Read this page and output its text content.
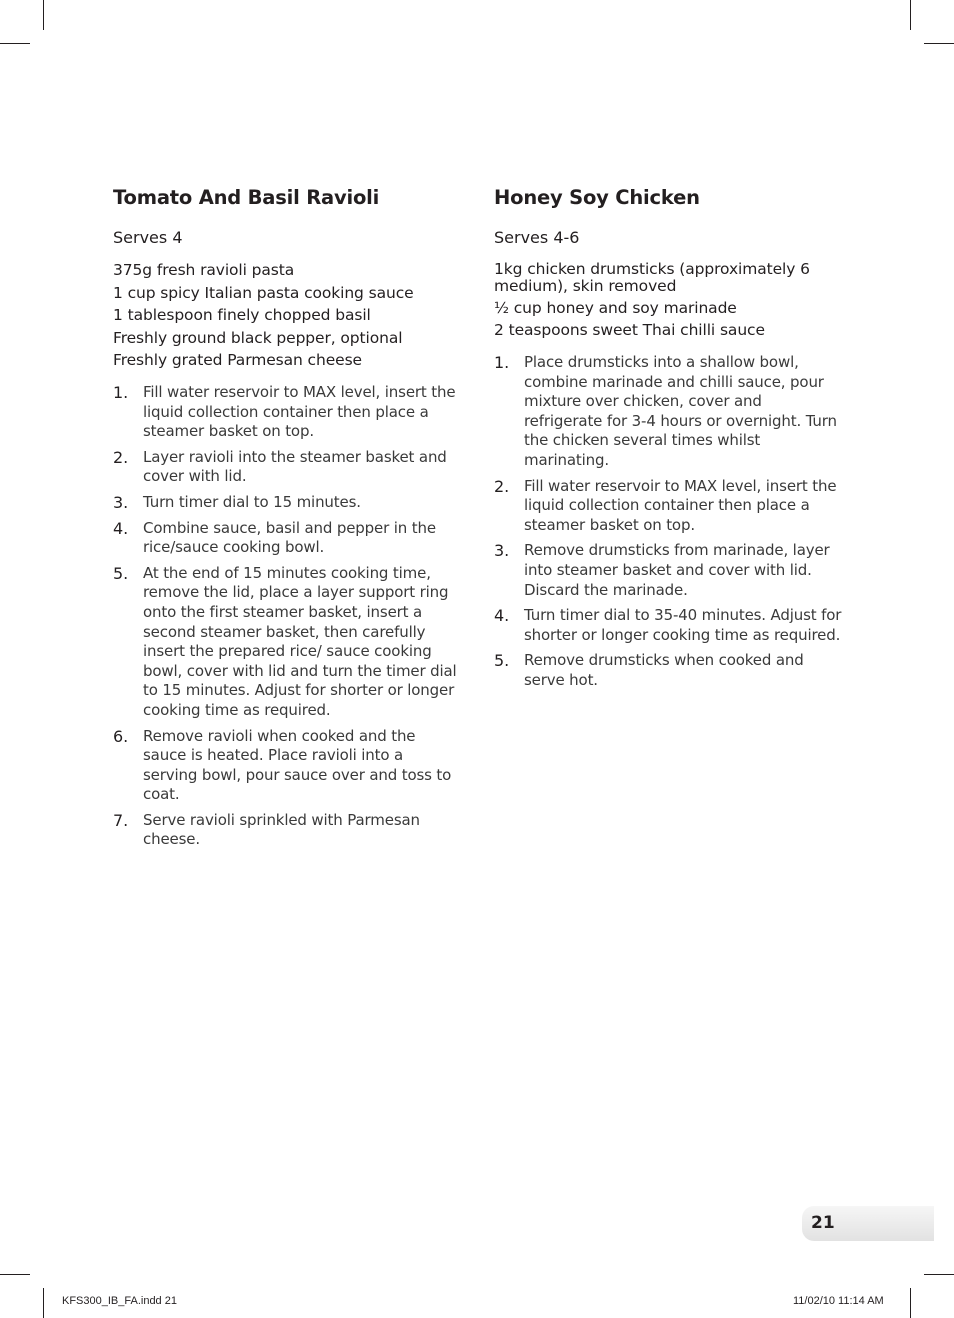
Tomato And Basil Ravioli
Serves 4
375g fresh ravioli pasta
1 cup spicy Italian pasta cooking sauce
1 tablespoon finely chopped basil
Freshly ground black pepper, optional
Freshly grated Parmesan cheese
1. Fill water reservoir to MAX level, insert the liquid collection container then place a steamer basket on top.
2. Layer ravioli into the steamer basket and cover with lid.
3. Turn timer dial to 15 minutes.
4. Combine sauce, basil and pepper in the rice/sauce cooking bowl.
5. At the end of 15 minutes cooking time, remove the lid, place a layer support ring onto the first steamer basket, insert a second steamer basket, then carefully insert the prepared rice/ sauce cooking bowl, cover with lid and turn the timer dial to 15 minutes. Adjust for shorter or longer cooking time as required.
6. Remove ravioli when cooked and the sauce is heated. Place ravioli into a serving bowl, pour sauce over and toss to coat.
7. Serve ravioli sprinkled with Parmesan cheese.
Honey Soy Chicken
Serves 4-6
1kg chicken drumsticks (approximately 6 medium), skin removed
½ cup honey and soy marinade
2 teaspoons sweet Thai chilli sauce
1. Place drumsticks into a shallow bowl, combine marinade and chilli sauce, pour mixture over chicken, cover and refrigerate for 3-4 hours or overnight. Turn the chicken several times whilst marinating.
2. Fill water reservoir to MAX level, insert the liquid collection container then place a steamer basket on top.
3. Remove drumsticks from marinade, layer into steamer basket and cover with lid. Discard the marinade.
4. Turn timer dial to 35-40 minutes. Adjust for shorter or longer cooking time as required.
5. Remove drumsticks when cooked and serve hot.
21
KFS300_IB_FA.indd 21	11/02/10 11:14 AM
